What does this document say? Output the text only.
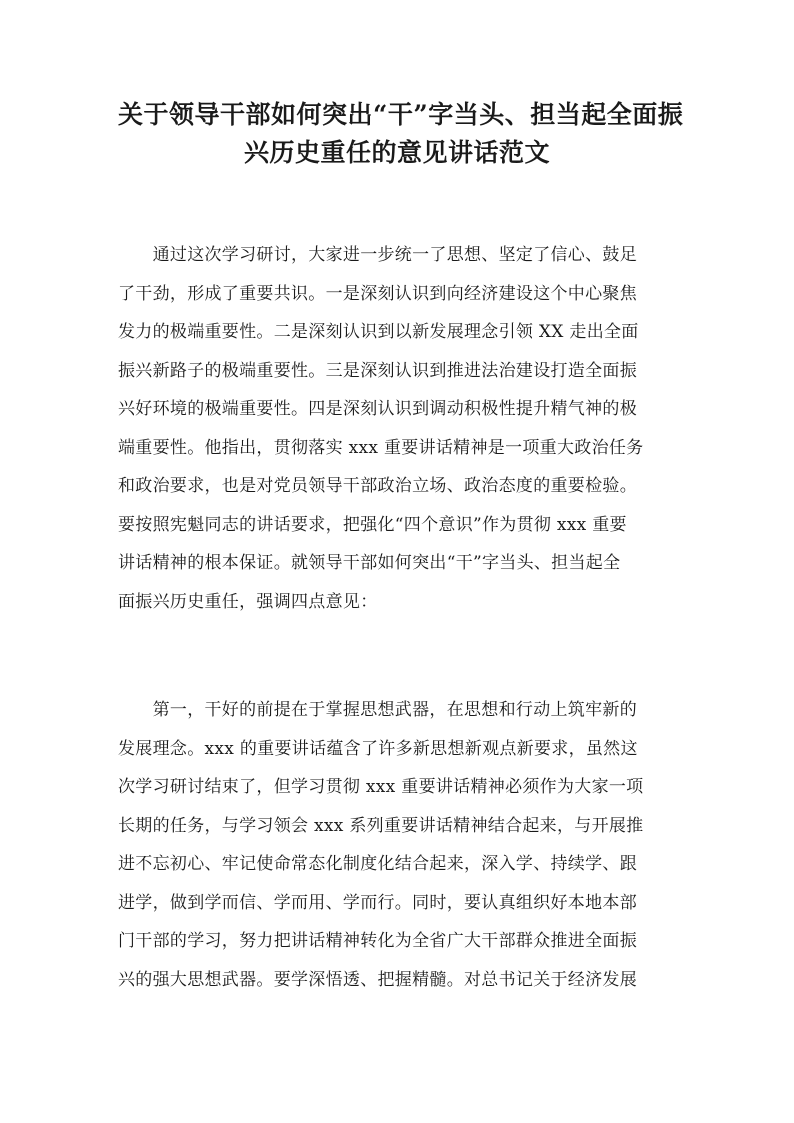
关于领导干部如何突出“干”字当头、担当起全面振
兴历史重任的意见讲话范文

　　通过这次学习研讨，大家进一步统一了思想、坚定了信心、鼓足
了干劲，形成了重要共识。一是深刻认识到向经济建设这个中心聚焦
发力的极端重要性。二是深刻认识到以新发展理念引领 XX 走出全面
振兴新路子的极端重要性。三是深刻认识到推进法治建设打造全面振
兴好环境的极端重要性。四是深刻认识到调动积极性提升精气神的极
端重要性。他指出，贯彻落实 xxx 重要讲话精神是一项重大政治任务
和政治要求，也是对党员领导干部政治立场、政治态度的重要检验。
要按照宪魁同志的讲话要求，把强化“四个意识”作为贯彻 xxx 重要
讲话精神的根本保证。就领导干部如何突出“干”字当头、担当起全
面振兴历史重任，强调四点意见：

　　第一，干好的前提在于掌握思想武器，在思想和行动上筑牢新的
发展理念。xxx 的重要讲话蕴含了许多新思想新观点新要求，虽然这
次学习研讨结束了，但学习贯彻 xxx 重要讲话精神必须作为大家一项
长期的任务，与学习领会 xxx 系列重要讲话精神结合起来，与开展推
进不忘初心、牢记使命常态化制度化结合起来，深入学、持续学、跟
进学，做到学而信、学而用、学而行。同时，要认真组织好本地本部
门干部的学习，努力把讲话精神转化为全省广大干部群众推进全面振
兴的强大思想武器。要学深悟透、把握精髓。对总书记关于经济发展
